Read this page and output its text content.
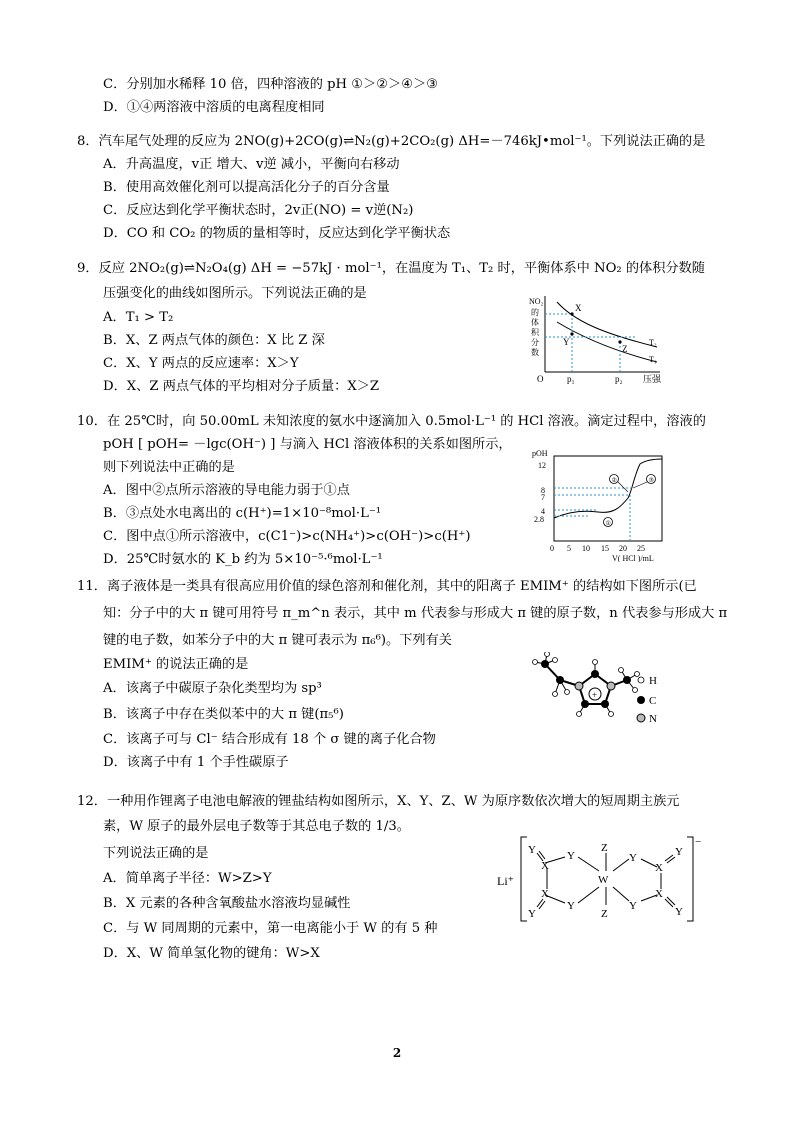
C．分别加水稀释 10 倍，四种溶液的 pH ①＞②＞④＞③
D．①④两溶液中溶质的电离程度相同
8．汽车尾气处理的反应为 2NO(g)+2CO(g)⇌N₂(g)+2CO₂(g) ΔH=－746kJ•mol⁻¹。下列说法正确的是
A．升高温度，v正 增大、v逆 减小，平衡向右移动
B．使用高效催化剂可以提高活化分子的百分含量
C．反应达到化学平衡状态时，2v正(NO) = v逆(N₂)
D．CO 和 CO₂ 的物质的量相等时，反应达到化学平衡状态
9．反应 2NO₂(g)⇌N₂O₄(g) ΔH = −57kJ · mol⁻¹，在温度为 T₁、T₂ 时，平衡体系中 NO₂ 的体积分数随
压强变化的曲线如图所示。下列说法正确的是
A．T₁ > T₂
B．X、Z 两点气体的颜色：X 比 Z 深
C．X、Y 两点的反应速率：X＞Y
D．X、Z 两点气体的平均相对分子质量：X＞Z
NO₂
的
体
积
分
数
X
Y
Z
T₂
T₁
O	p₁	p₂ 压强
10．在 25℃时，向 50.00mL 未知浓度的氨水中逐滴加入 0.5mol·L⁻¹ 的 HCl 溶液。滴定过程中，溶液的
pOH [ pOH= －lgc(OH⁻) ] 与滴入 HCl 溶液体积的关系如图所示，
则下列说法中正确的是
A．图中②点所示溶液的导电能力弱于①点
B．③点处水电离出的 c(H⁺)=1×10⁻⁸mol·L⁻¹
C．图中点①所示溶液中，c(C1⁻)>c(NH₄⁺)>c(OH⁻)>c(H⁺)
D．25℃时氨水的 K_b 约为 5×10⁻⁵·⁶mol·L⁻¹
pOH
12
8
7
4
2.8
0 5 10 15 20 25
V( HCl )/mL
①
②	③
11．离子液体是一类具有很高应用价值的绿色溶剂和催化剂，其中的阳离子 EMIM⁺ 的结构如下图所示(已
知：分子中的大 π 键可用符号 π_m^n 表示，其中 m 代表参与形成大 π 键的原子数，n 代表参与形成大 π
键的电子数，如苯分子中的大 π 键可表示为 π₆⁶)。下列有关
EMIM⁺ 的说法正确的是
A．该离子中碳原子杂化类型均为 sp³
B．该离子中存在类似苯中的大 π 键(π₅⁶)
C．该离子可与 Cl⁻ 结合形成有 18 个 σ 键的离子化合物
D．该离子中有 1 个手性碳原子
+
H
C
N
12．一种用作锂离子电池电解液的锂盐结构如图所示，X、Y、Z、W 为原序数依次增大的短周期主族元
素，W 原子的最外层电子数等于其总电子数的 1/3。
下列说法正确的是
A．简单离子半径：W>Z>Y
B．X 元素的各种含氧酸盐水溶液均显碱性
C．与 W 同周期的元素中，第一电离能小于 W 的有 5 种
D．X、W 简单氢化物的键角：W>X
Li⁺
−
Y
X
Y
X
Y
Y
Z
W
Z
Y
Y
X
X
Y
Y
2
